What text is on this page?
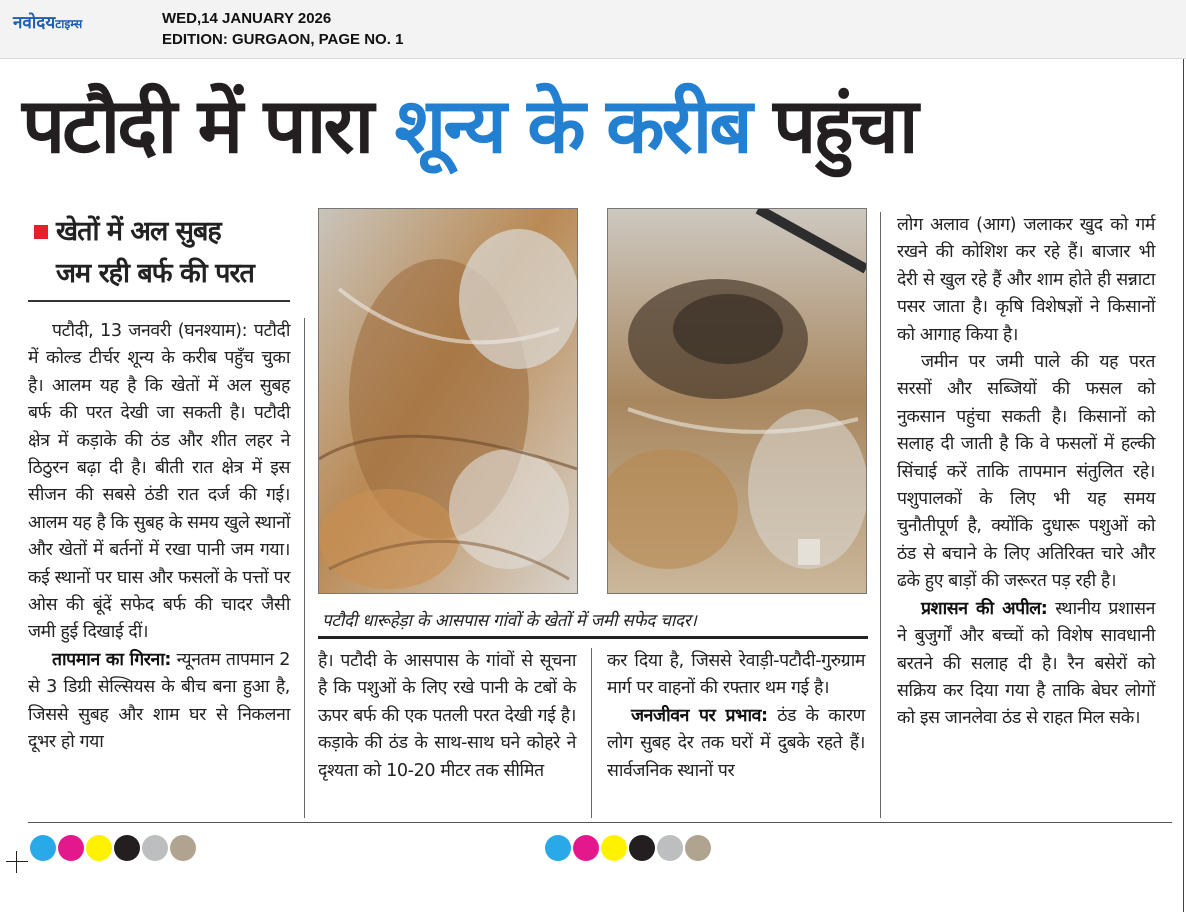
नवोदयटाइम्स	WED,14 JANUARY 2026
EDITION: GURGAON, PAGE NO. 1
पटौदी में पारा शून्य के करीब पहुंचा
खेतों में अल सुबह
जम रही बर्फ की परत

पटौदी, 13 जनवरी (घनश्याम): पटौदी में कोल्ड टीर्चर शून्य के करीब पहुँच चुका है। आलम यह है कि खेतों में अल सुबह बर्फ की परत देखी जा सकती है। पटौदी क्षेत्र में कड़ाके की ठंड और शीत लहर ने ठिठुरन बढ़ा दी है। बीती रात क्षेत्र में इस सीजन की सबसे ठंडी रात दर्ज की गई। आलम यह है कि सुबह के समय खुले स्थानों और खेतों में बर्तनों में रखा पानी जम गया। कई स्थानों पर घास और फसलों के पत्तों पर ओस की बूंदें सफेद बर्फ की चादर जैसी जमी हुई दिखाई दीं।

तापमान का गिरना: न्यूनतम तापमान 2 से 3 डिग्री सेल्सियस के बीच बना हुआ है, जिससे सुबह और शाम घर से निकलना दूभर हो गया

पटौदी धारूहेड़ा के आसपास गांवों के खेतों में जमी सफेद चादर।

है। पटौदी के आसपास के गांवों से सूचना है कि पशुओं के लिए रखे पानी के टबों के ऊपर बर्फ की एक पतली परत देखी गई है। कड़ाके की ठंड के साथ-साथ घने कोहरे ने दृश्यता को 10-20 मीटर तक सीमित

कर दिया है, जिससे रेवाड़ी-पटौदी-गुरुग्राम मार्ग पर वाहनों की रफ्तार थम गई है।

जनजीवन पर प्रभाव: ठंड के कारण लोग सुबह देर तक घरों में दुबके रहते हैं। सार्वजनिक स्थानों पर

लोग अलाव (आग) जलाकर खुद को गर्म रखने की कोशिश कर रहे हैं। बाजार भी देरी से खुल रहे हैं और शाम होते ही सन्नाटा पसर जाता है। कृषि विशेषज्ञों ने किसानों को आगाह किया है।

जमीन पर जमी पाले की यह परत सरसों और सब्जियों की फसल को नुकसान पहुंचा सकती है। किसानों को सलाह दी जाती है कि वे फसलों में हल्की सिंचाई करें ताकि तापमान संतुलित रहे। पशुपालकों के लिए भी यह समय चुनौतीपूर्ण है, क्योंकि दुधारू पशुओं को ठंड से बचाने के लिए अतिरिक्त चारे और ढके हुए बाड़ों की जरूरत पड़ रही है।

प्रशासन की अपील: स्थानीय प्रशासन ने बुजुर्गों और बच्चों को विशेष सावधानी बरतने की सलाह दी है। रैन बसेरों को सक्रिय कर दिया गया है ताकि बेघर लोगों को इस जानलेवा ठंड से राहत मिल सके।
